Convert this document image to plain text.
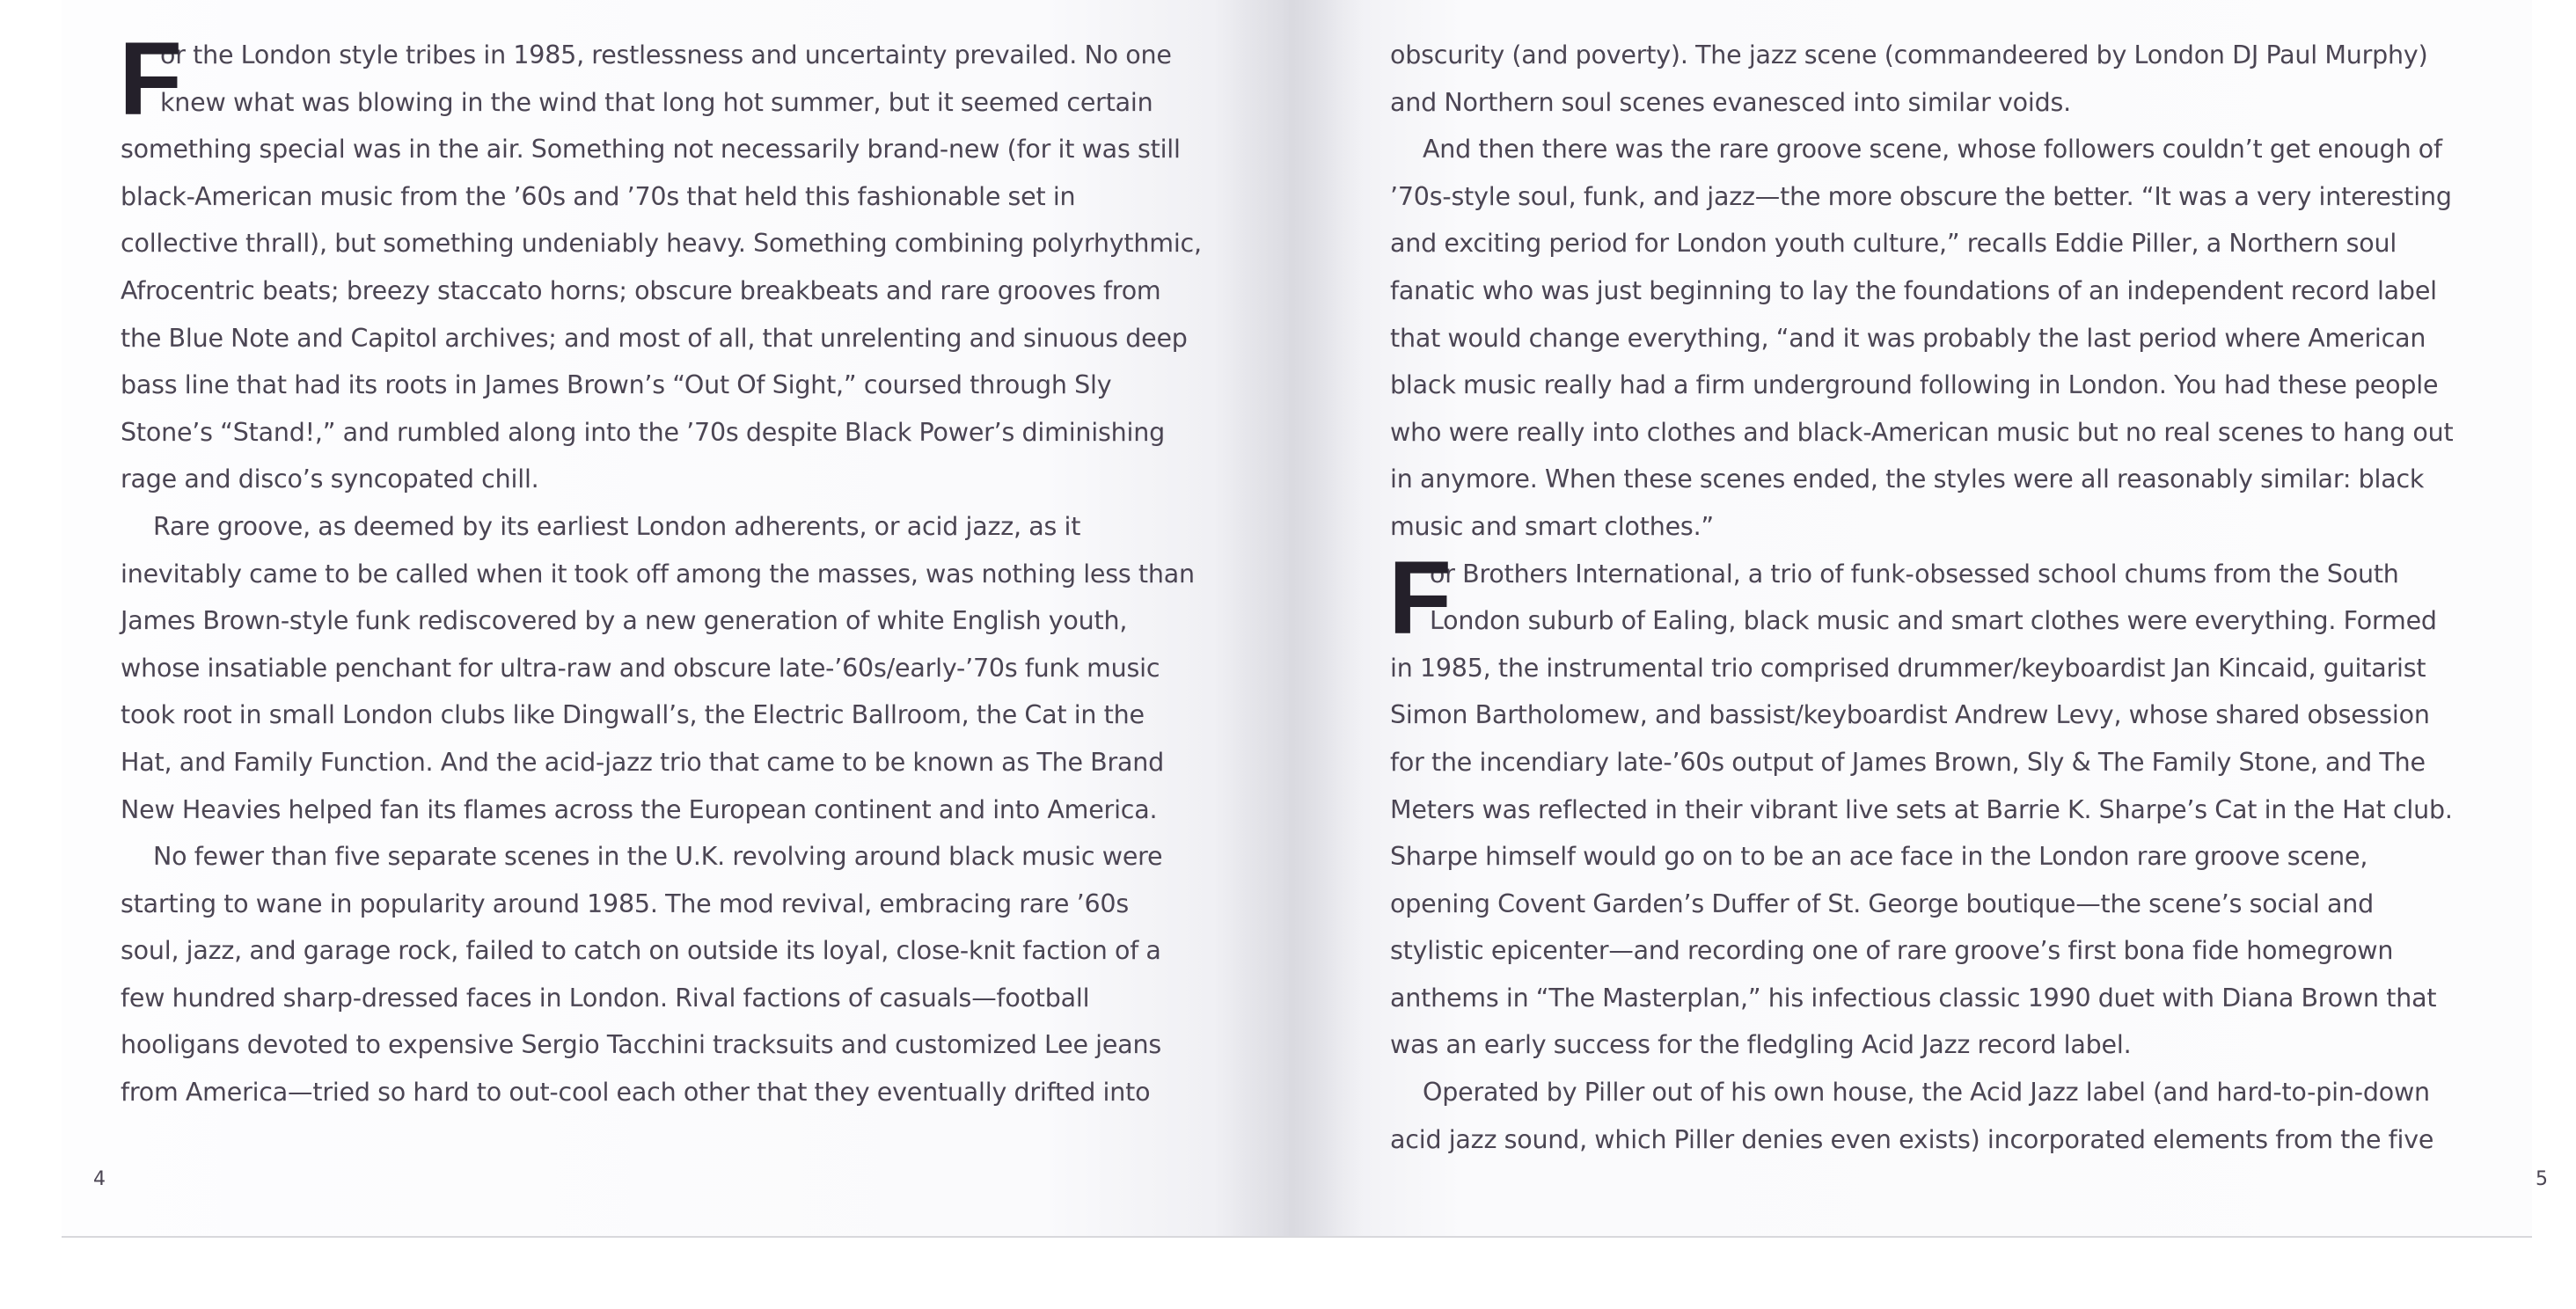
F
or the London style tribes in 1985, restlessness and uncertainty prevailed. No one
knew what was blowing in the wind that long hot summer, but it seemed certain
something special was in the air. Something not necessarily brand-new (for it was still
black-American music from the ’60s and ’70s that held this fashionable set in
collective thrall), but something undeniably heavy. Something combining polyrhythmic,
Afrocentric beats; breezy staccato horns; obscure breakbeats and rare grooves from
the Blue Note and Capitol archives; and most of all, that unrelenting and sinuous deep
bass line that had its roots in James Brown’s “Out Of Sight,” coursed through Sly
Stone’s “Stand!,” and rumbled along into the ’70s despite Black Power’s diminishing
rage and disco’s syncopated chill.
Rare groove, as deemed by its earliest London adherents, or acid jazz, as it
inevitably came to be called when it took off among the masses, was nothing less than
James Brown-style funk rediscovered by a new generation of white English youth,
whose insatiable penchant for ultra-raw and obscure late-’60s/early-’70s funk music
took root in small London clubs like Dingwall’s, the Electric Ballroom, the Cat in the
Hat, and Family Function. And the acid-jazz trio that came to be known as The Brand
New Heavies helped fan its flames across the European continent and into America.
No fewer than five separate scenes in the U.K. revolving around black music were
starting to wane in popularity around 1985. The mod revival, embracing rare ’60s
soul, jazz, and garage rock, failed to catch on outside its loyal, close-knit faction of a
few hundred sharp-dressed faces in London. Rival factions of casuals—football
hooligans devoted to expensive Sergio Tacchini tracksuits and customized Lee jeans
from America—tried so hard to out-cool each other that they eventually drifted into
obscurity (and poverty). The jazz scene (commandeered by London DJ Paul Murphy)
and Northern soul scenes evanesced into similar voids.
And then there was the rare groove scene, whose followers couldn’t get enough of
’70s-style soul, funk, and jazz—the more obscure the better. “It was a very interesting
and exciting period for London youth culture,” recalls Eddie Piller, a Northern soul
fanatic who was just beginning to lay the foundations of an independent record label
that would change everything, “and it was probably the last period where American
black music really had a firm underground following in London. You had these people
who were really into clothes and black-American music but no real scenes to hang out
in anymore. When these scenes ended, the styles were all reasonably similar: black
music and smart clothes.”
F
or Brothers International, a trio of funk-obsessed school chums from the South
London suburb of Ealing, black music and smart clothes were everything. Formed
in 1985, the instrumental trio comprised drummer/keyboardist Jan Kincaid, guitarist
Simon Bartholomew, and bassist/keyboardist Andrew Levy, whose shared obsession
for the incendiary late-’60s output of James Brown, Sly & The Family Stone, and The
Meters was reflected in their vibrant live sets at Barrie K. Sharpe’s Cat in the Hat club.
Sharpe himself would go on to be an ace face in the London rare groove scene,
opening Covent Garden’s Duffer of St. George boutique—the scene’s social and
stylistic epicenter—and recording one of rare groove’s first bona fide homegrown
anthems in “The Masterplan,” his infectious classic 1990 duet with Diana Brown that
was an early success for the fledgling Acid Jazz record label.
Operated by Piller out of his own house, the Acid Jazz label (and hard-to-pin-down
acid jazz sound, which Piller denies even exists) incorporated elements from the five
4	5
